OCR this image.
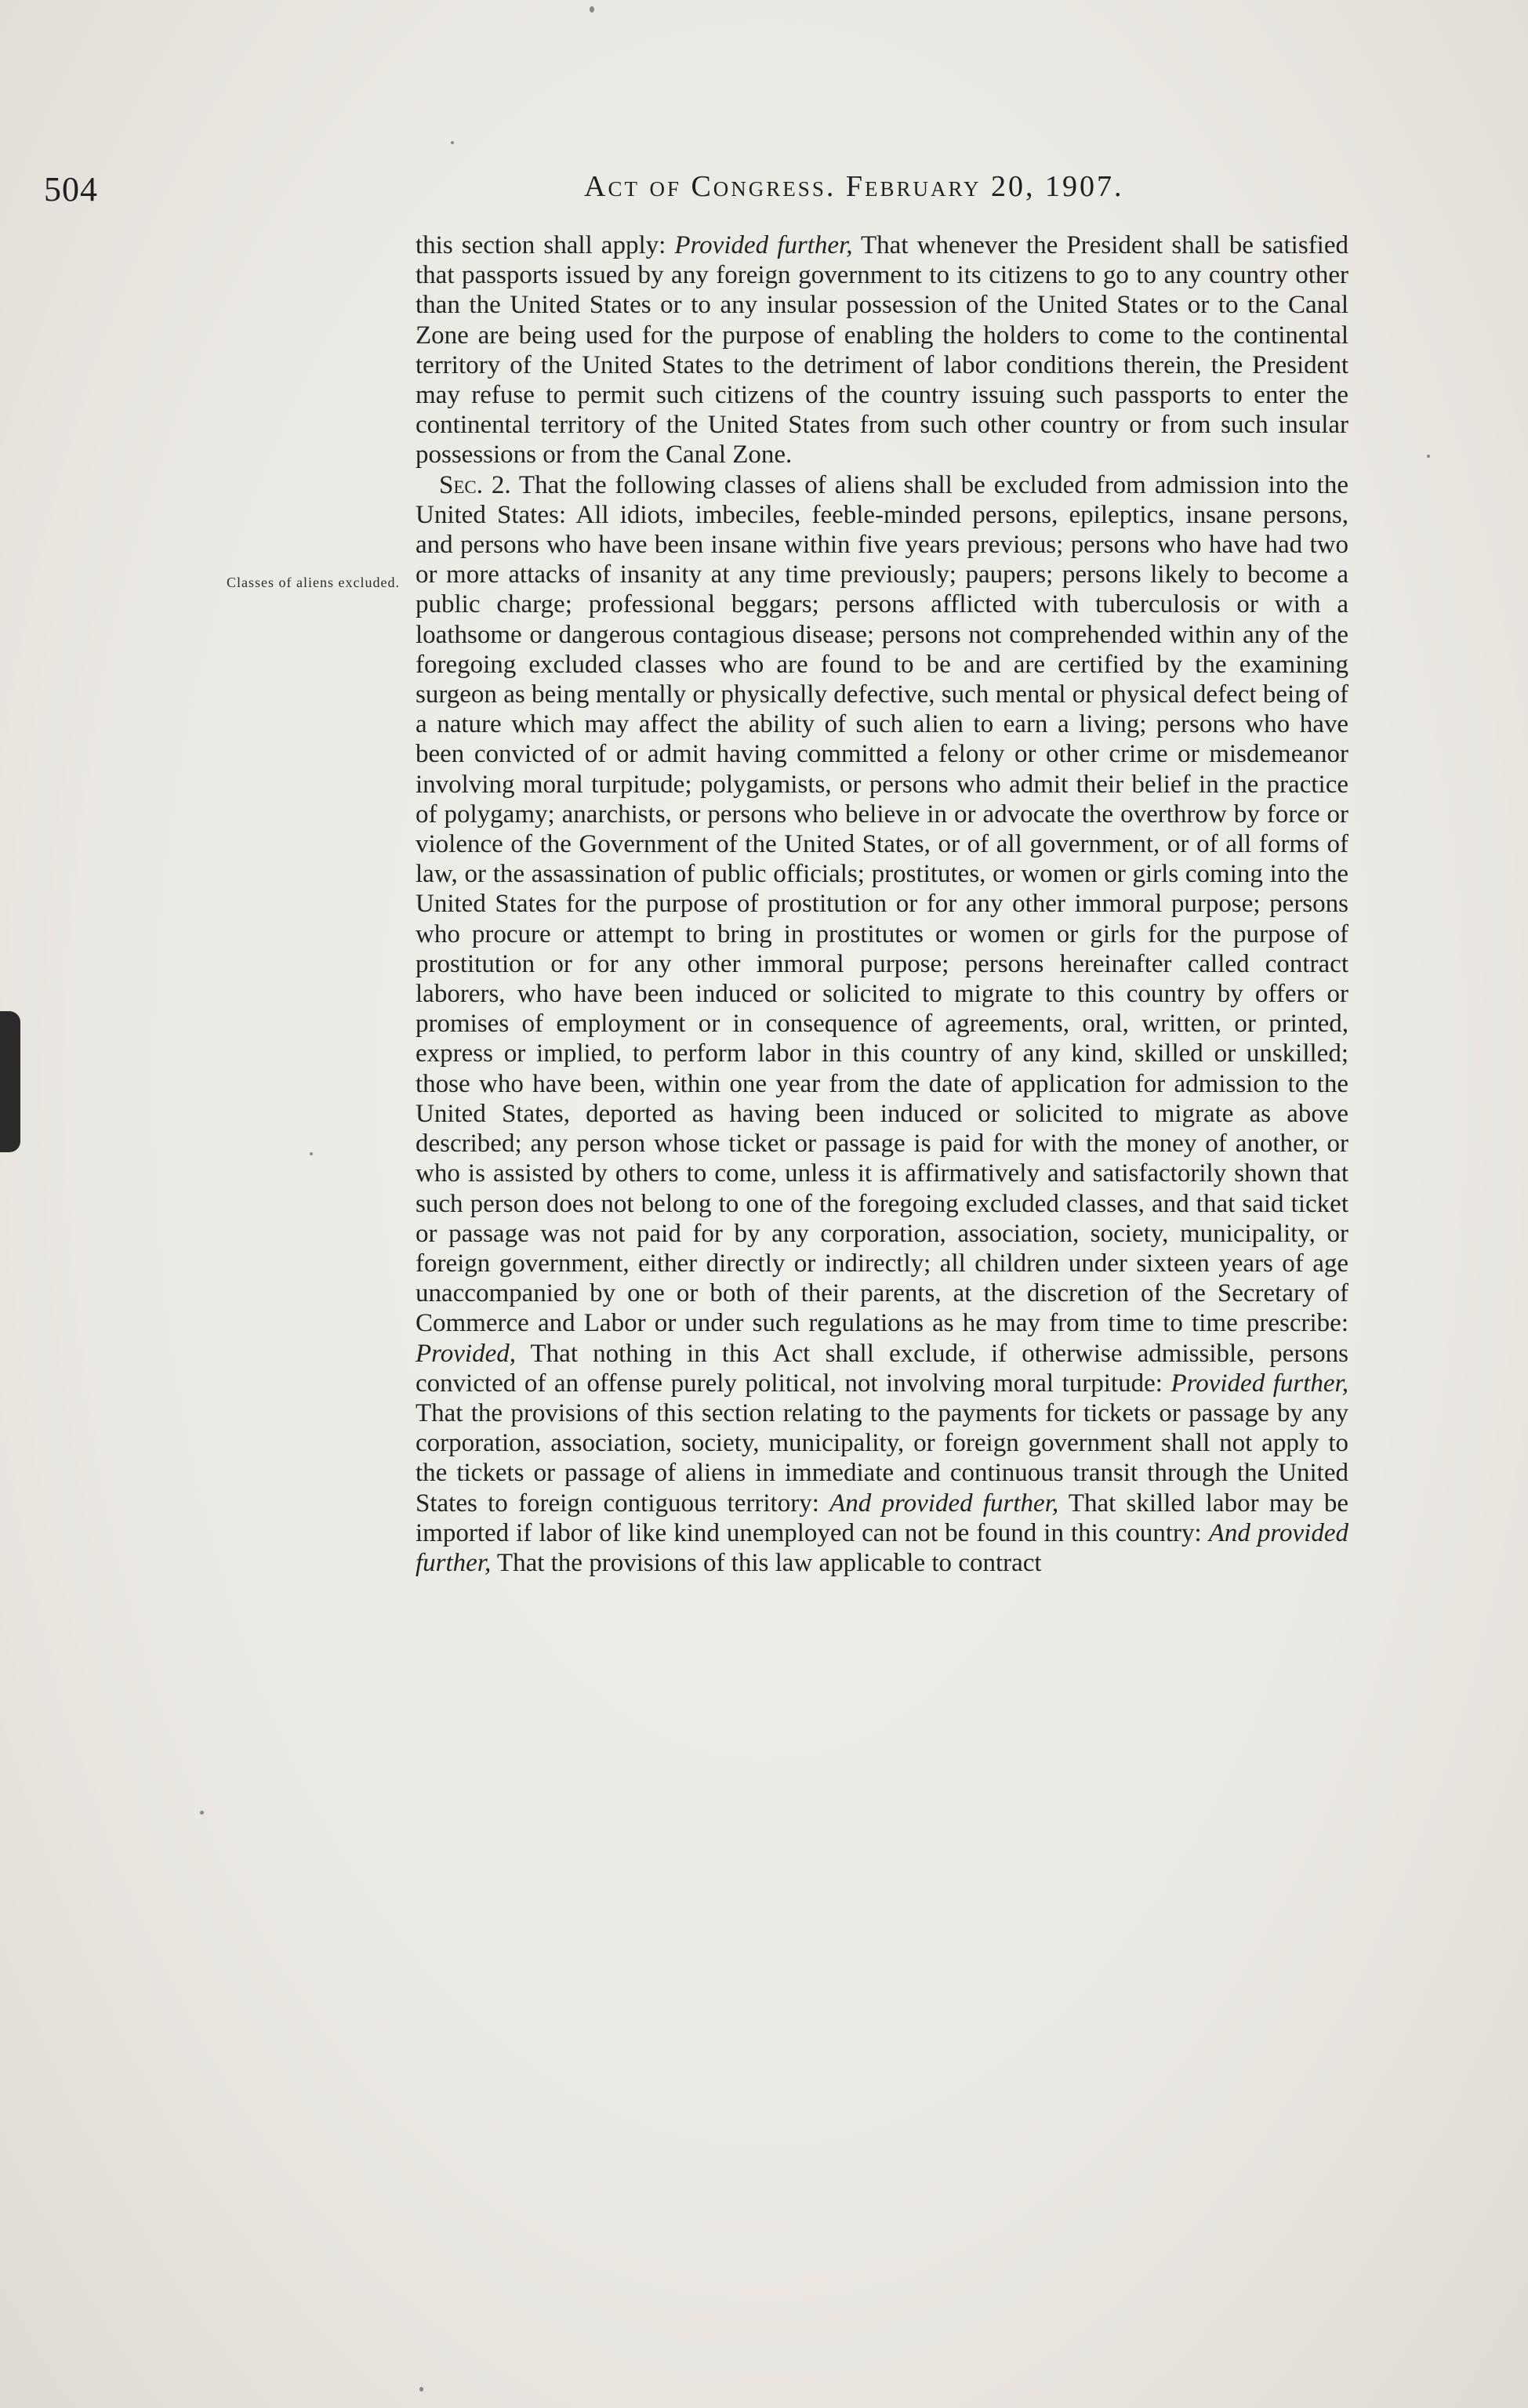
504	Act of Congress. February 20, 1907.
Classes of aliens excluded.

this section shall apply: Provided further, That whenever the President shall be satisfied that passports issued by any foreign government to its citizens to go to any country other than the United States or to any insular possession of the United States or to the Canal Zone are being used for the purpose of enabling the holders to come to the continental territory of the United States to the detriment of labor conditions therein, the President may refuse to permit such citizens of the country issuing such passports to enter the continental territory of the United States from such other country or from such insular possessions or from the Canal Zone.

Sec. 2. That the following classes of aliens shall be excluded from admission into the United States: All idiots, imbeciles, feeble-minded persons, epileptics, insane persons, and persons who have been insane within five years previous; persons who have had two or more attacks of insanity at any time previously; paupers; persons likely to become a public charge; professional beggars; persons afflicted with tuberculosis or with a loathsome or dangerous contagious disease; persons not comprehended within any of the foregoing excluded classes who are found to be and are certified by the examining surgeon as being mentally or physically defective, such mental or physical defect being of a nature which may affect the ability of such alien to earn a living; persons who have been convicted of or admit having committed a felony or other crime or misdemeanor involving moral turpitude; polygamists, or persons who admit their belief in the practice of polygamy; anarchists, or persons who believe in or advocate the overthrow by force or violence of the Government of the United States, or of all government, or of all forms of law, or the assassination of public officials; prostitutes, or women or girls coming into the United States for the purpose of prostitution or for any other immoral purpose; persons who procure or attempt to bring in prostitutes or women or girls for the purpose of prostitution or for any other immoral purpose; persons hereinafter called contract laborers, who have been induced or solicited to migrate to this country by offers or promises of employment or in consequence of agreements, oral, written, or printed, express or implied, to perform labor in this country of any kind, skilled or unskilled; those who have been, within one year from the date of application for admission to the United States, deported as having been induced or solicited to migrate as above described; any person whose ticket or passage is paid for with the money of another, or who is assisted by others to come, unless it is affirmatively and satisfactorily shown that such person does not belong to one of the foregoing excluded classes, and that said ticket or passage was not paid for by any corporation, association, society, municipality, or foreign government, either directly or indirectly; all children under sixteen years of age unaccompanied by one or both of their parents, at the discretion of the Secretary of Commerce and Labor or under such regulations as he may from time to time prescribe: Provided, That nothing in this Act shall exclude, if otherwise admissible, persons convicted of an offense purely political, not involving moral turpitude: Provided further, That the provisions of this section relating to the payments for tickets or passage by any corporation, association, society, municipality, or foreign government shall not apply to the tickets or passage of aliens in immediate and continuous transit through the United States to foreign contiguous territory: And provided further, That skilled labor may be imported if labor of like kind unemployed can not be found in this country: And provided further, That the provisions of this law applicable to contract
